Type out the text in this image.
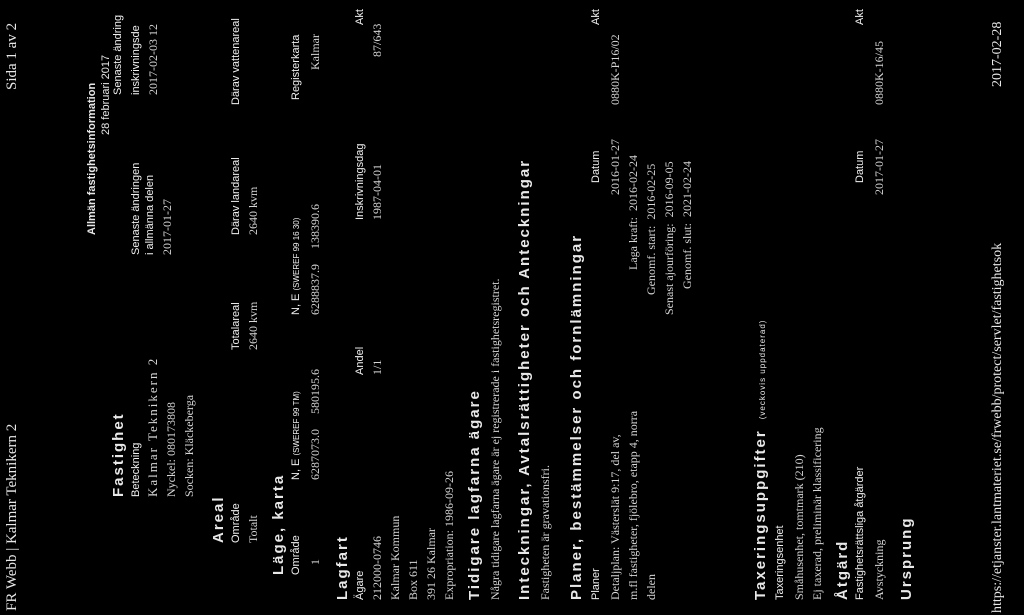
FR Webb | Kalmar Teknikern 2
Sida 1 av 2
Allmän fastighetsinformation 28 februari 2017
Fastighet Beteckning Kalmar Teknikern 2 Nyckel: 080173808 Socken: Kläckeberga
Senaste ändringen i allmänna delen 2017-01-27
Senaste ändring inskrivningsde 2017-02-03 12
Areal Område
Totalareal
Därav landareal
Därav vattenareal
Totalt
2640 kvm
2640 kvm
Läge, karta Område
N, E (SWEREF 99 TM)
N, E (SWEREF 99 16 30)
Registerkarta
1
6287073.0     580195.6
6288837.9     138390.6
Kalmar
Lagfart Ägare
Andel
Inskrivningsdag
Akt
212000-0746
1/1
1987-04-01
87/643
Kalmar Kommun Box 611 391 26 Kalmar Expropriation: 1986-09-26 Tidigare lagfarna ägare Några tidigare lagfarna ägare är ej registrerade i fastighetsregistret. Inteckningar, Avtalsrättigheter och Anteckningar Fastigheten är gravationsfri. Planer, bestämmelser och fornlämningar Planer
Datum
Akt
Detaljplan: Västerslät 9:17, del av, m.fl fastigheter, fjölebro, etapp 4, norra delen
2016-01-27
0880K-P16/02
Laga kraft:  2016-02-24 Genomf. start:  2016-02-25 Senast ajourföring:  2016-09-05 Genomf. slut:  2021-02-24
Taxeringsuppgifter (veckovis uppdaterad)
Taxeringsenhet Småhusenhet, tomtmark (210) Ej taxerad, preliminär klassificering Åtgärd Fastighetsrättsliga åtgärder
Datum
Akt
Avstyckning
2017-01-27
0880K-16/45
Ursprung	https://etjanster.lantmateriet.se/frwebb/protect/servlet/fastighetsok
2017-02-28
